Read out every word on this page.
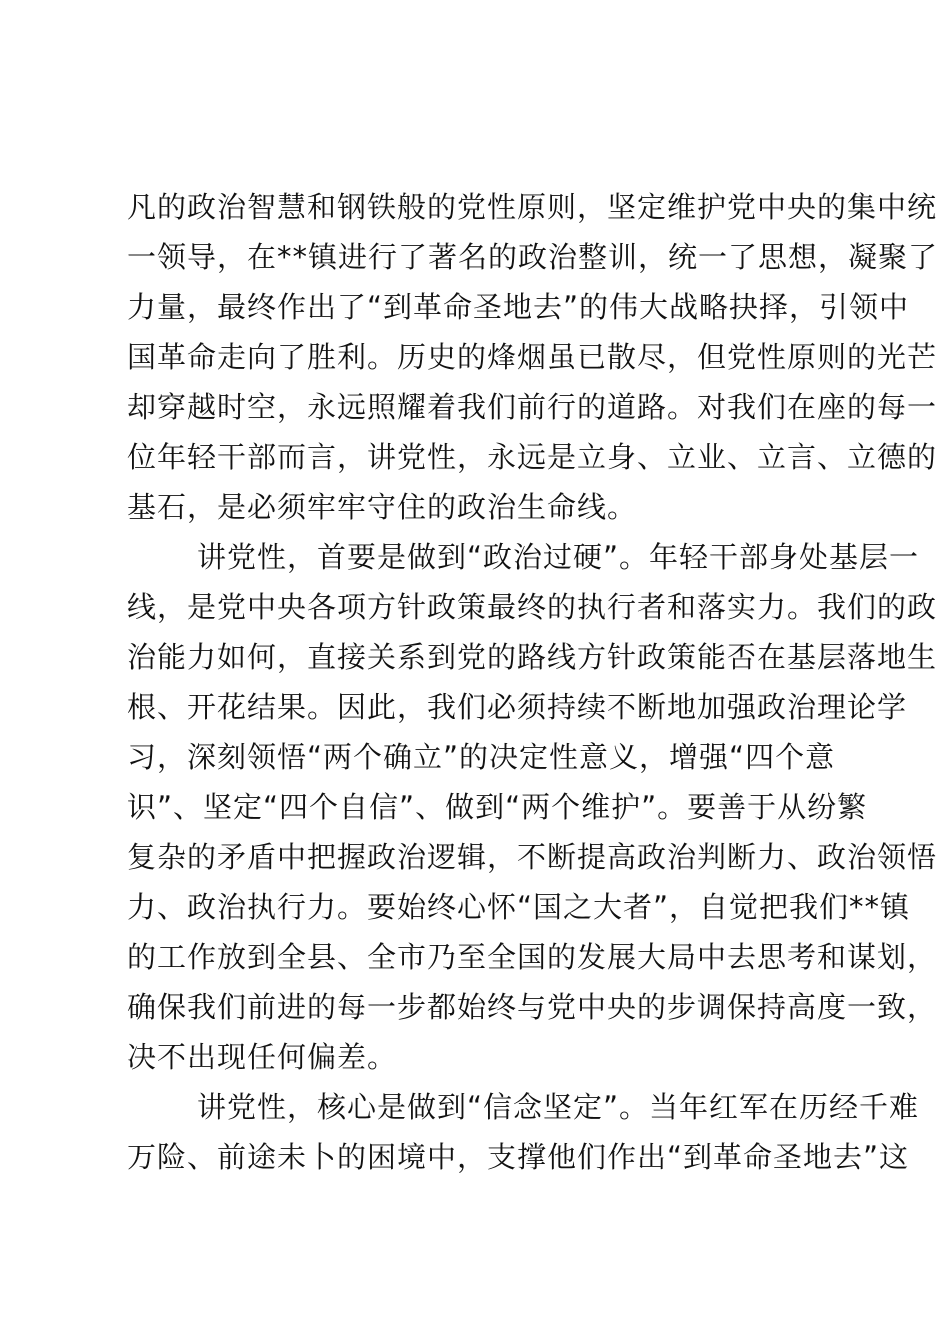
凡的政治智慧和钢铁般的党性原则，坚定维护党中央的集中统
一领导，在**镇进行了著名的政治整训，统一了思想，凝聚了
力量，最终作出了“到革命圣地去”的伟大战略抉择，引领中
国革命走向了胜利。历史的烽烟虽已散尽，但党性原则的光芒
却穿越时空，永远照耀着我们前行的道路。对我们在座的每一
位年轻干部而言，讲党性，永远是立身、立业、立言、立德的
基石，是必须牢牢守住的政治生命线。
讲党性，首要是做到“政治过硬”。年轻干部身处基层一
线，是党中央各项方针政策最终的执行者和落实力。我们的政
治能力如何，直接关系到党的路线方针政策能否在基层落地生
根、开花结果。因此，我们必须持续不断地加强政治理论学
习，深刻领悟“两个确立”的决定性意义，增强“四个意
识”、坚定“四个自信”、做到“两个维护”。要善于从纷繁
复杂的矛盾中把握政治逻辑，不断提高政治判断力、政治领悟
力、政治执行力。要始终心怀“国之大者”，自觉把我们**镇
的工作放到全县、全市乃至全国的发展大局中去思考和谋划，
确保我们前进的每一步都始终与党中央的步调保持高度一致，
决不出现任何偏差。
讲党性，核心是做到“信念坚定”。当年红军在历经千难
万险、前途未卜的困境中，支撑他们作出“到革命圣地去”这
